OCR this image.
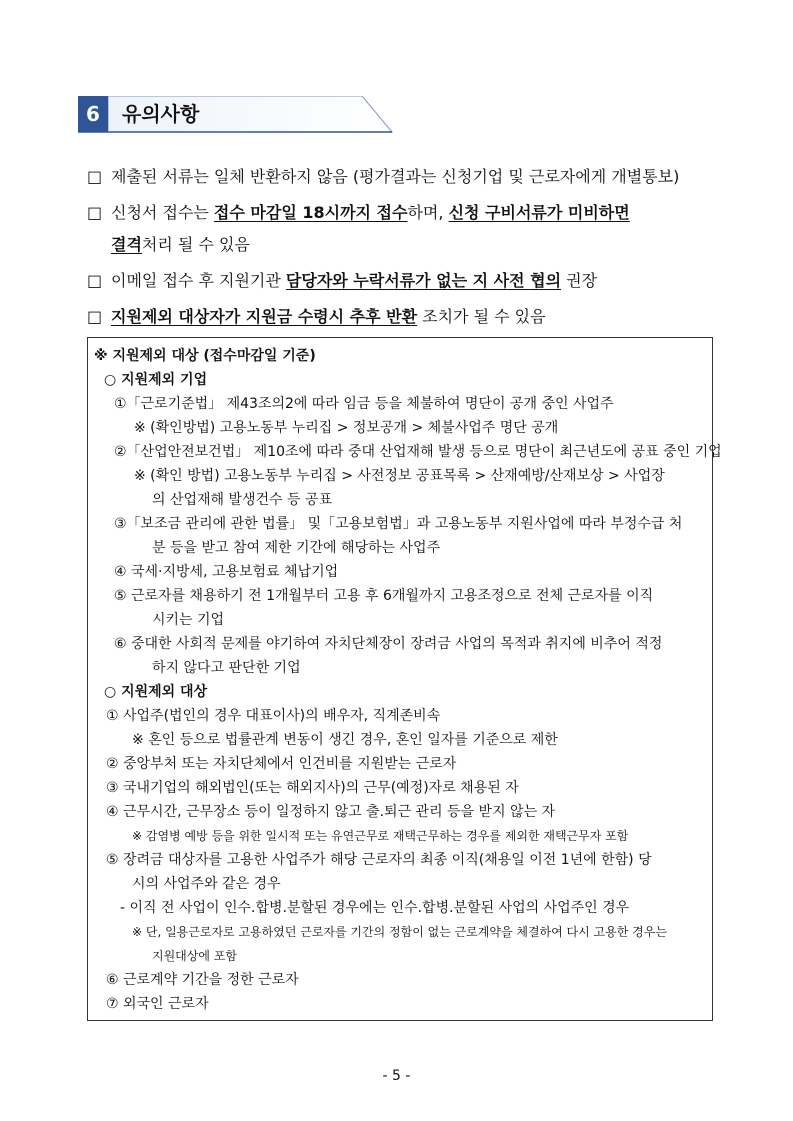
6	유의사항
□ 제출된 서류는 일체 반환하지 않음 (평가결과는 신청기업 및 근로자에게 개별통보)
□ 신청서 접수는 접수 마감일 18시까지 접수하며, 신청 구비서류가 미비하면
결격처리 될 수 있음
□ 이메일 접수 후 지원기관 담당자와 누락서류가 없는 지 사전 협의 권장
□ 지원제외 대상자가 지원금 수령시 추후 반환 조치가 될 수 있음
※ 지원제외 대상 (접수마감일 기준)
○ 지원제외 기업
①「근로기준법」 제43조의2에 따라 임금 등을 체불하여 명단이 공개 중인 사업주
※ (확인방법) 고용노동부 누리집 > 정보공개 > 체불사업주 명단 공개
②「산업안전보건법」 제10조에 따라 중대 산업재해 발생 등으로 명단이 최근년도에 공표 중인 기업
※ (확인 방법) 고용노동부 누리집 > 사전정보 공표목록 > 산재예방/산재보상 > 사업장
의 산업재해 발생건수 등 공표
③「보조금 관리에 관한 법률」 및「고용보험법」과 고용노동부 지원사업에 따라 부정수급 처
분 등을 받고 참여 제한 기간에 해당하는 사업주
④ 국세·지방세, 고용보험료 체납기업
⑤ 근로자를 채용하기 전 1개월부터 고용 후 6개월까지 고용조정으로 전체 근로자를 이직
시키는 기업
⑥ 중대한 사회적 문제를 야기하여 자치단체장이 장려금 사업의 목적과 취지에 비추어 적정
하지 않다고 판단한 기업
○ 지원제외 대상
① 사업주(법인의 경우 대표이사)의 배우자, 직계존비속
※ 혼인 등으로 법률관계 변동이 생긴 경우, 혼인 일자를 기준으로 제한
② 중앙부처 또는 자치단체에서 인건비를 지원받는 근로자
③ 국내기업의 해외법인(또는 해외지사)의 근무(예정)자로 채용된 자
④ 근무시간, 근무장소 등이 일정하지 않고 출.퇴근 관리 등을 받지 않는 자
※ 감염병 예방 등을 위한 일시적 또는 유연근무로 재택근무하는 경우를 제외한 재택근무자 포함
⑤ 장려금 대상자를 고용한 사업주가 해당 근로자의 최종 이직(채용일 이전 1년에 한함) 당
시의 사업주와 같은 경우
- 이직 전 사업이 인수.합병.분할된 경우에는 인수.합병.분할된 사업의 사업주인 경우
※ 단, 일용근로자로 고용하였던 근로자를 기간의 정함이 없는 근로계약을 체결하여 다시 고용한 경우는
지원대상에 포함
⑥ 근로계약 기간을 정한 근로자
⑦ 외국인 근로자
- 5 -
